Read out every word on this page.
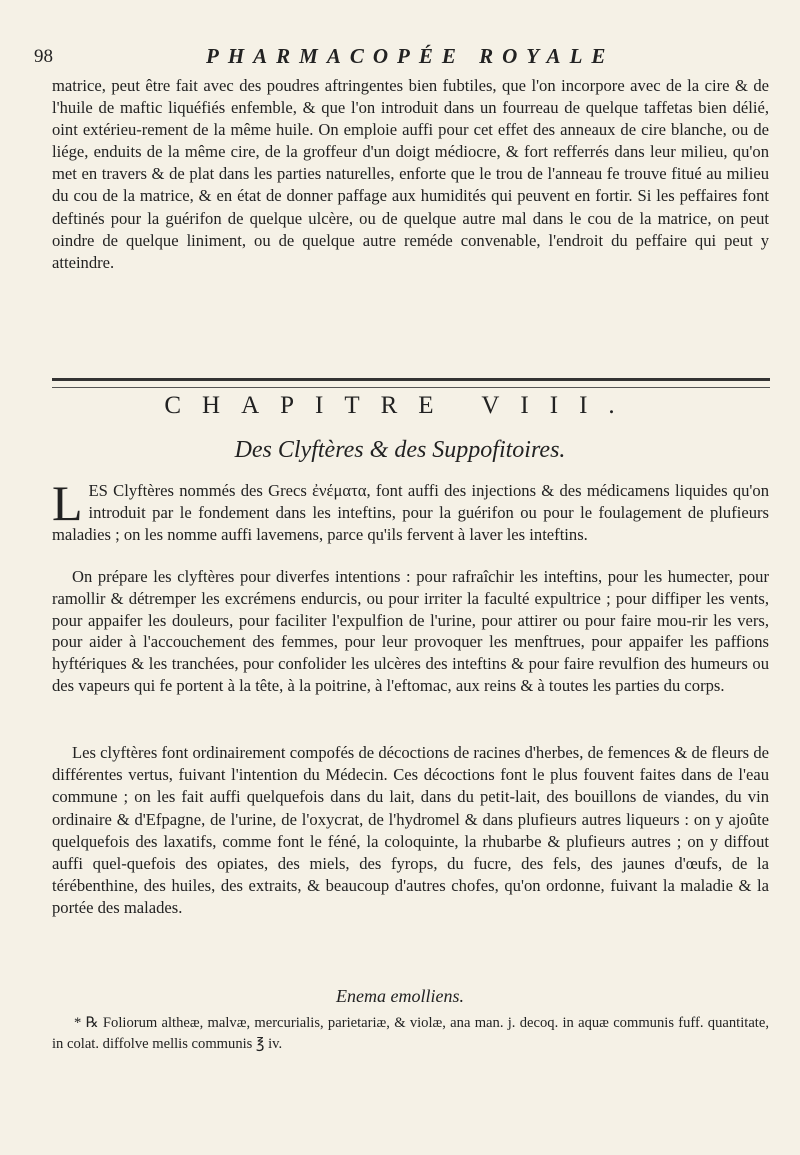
98	PHARMACOPÉE ROYALE

matrice, peut être fait avec des poudres aftringentes bien fubtiles, que l'on incorpore avec de la cire & de l'huile de maftic liquéfiés enfemble, & que l'on introduit dans un fourreau de quelque taffetas bien délié, oint extérieu-rement de la même huile. On emploie auffi pour cet effet des anneaux de cire blanche, ou de liége, enduits de la même cire, de la groffeur d'un doigt médiocre, & fort refferrés dans leur milieu, qu'on met en travers & de plat dans les parties naturelles, enforte que le trou de l'anneau fe trouve fitué au milieu du cou de la matrice, & en état de donner paffage aux humidités qui peuvent en fortir. Si les peffaires font deftinés pour la guérifon de quelque ulcère, ou de quelque autre mal dans le cou de la matrice, on peut oindre de quelque liniment, ou de quelque autre reméde convenable, l'endroit du peffaire qui peut y atteindre.

CHAPITRE VIII.
Des Clyftères & des Suppofitoires.

LES Clyftères nommés des Grecs ἐνέματα, font auffi des injections & des médicamens liquides qu'on introduit par le fondement dans les inteftins, pour la guérifon ou pour le foulagement de plufieurs maladies ; on les nomme auffi lavemens, parce qu'ils fervent à laver les inteftins.

On prépare les clyftères pour diverfes intentions : pour rafraîchir les inteftins, pour les humecter, pour ramollir & détremper les excrémens endurcis, ou pour irriter la faculté expultrice ; pour diffiper les vents, pour appaifer les douleurs, pour faciliter l'expulfion de l'urine, pour attirer ou pour faire mou-rir les vers, pour aider à l'accouchement des femmes, pour leur provoquer les menftrues, pour appaifer les paffions hyftériques & les tranchées, pour confolider les ulcères des inteftins & pour faire revulfion des humeurs ou des vapeurs qui fe portent à la tête, à la poitrine, à l'eftomac, aux reins & à toutes les parties du corps.

Les clyftères font ordinairement compofés de décoctions de racines d'herbes, de femences & de fleurs de différentes vertus, fuivant l'intention du Médecin. Ces décoctions font le plus fouvent faites dans de l'eau commune ; on les fait auffi quelquefois dans du lait, dans du petit-lait, des bouillons de viandes, du vin ordinaire & d'Efpagne, de l'urine, de l'oxycrat, de l'hydromel & dans plufieurs autres liqueurs : on y ajoûte quelquefois des laxatifs, comme font le féné, la coloquinte, la rhubarbe & plufieurs autres ; on y diffout auffi quel-quefois des opiates, des miels, des fyrops, du fucre, des fels, des jaunes d'œufs, de la térébenthine, des huiles, des extraits, & beaucoup d'autres chofes, qu'on ordonne, fuivant la maladie & la portée des malades.

Enema emolliens.

* ℞ Foliorum altheæ, malvæ, mercurialis, parietariæ, & violæ, ana man. j. decoq. in aquæ communis fuff. quantitate, in colat. diffolve mellis communis ℥ iv.
